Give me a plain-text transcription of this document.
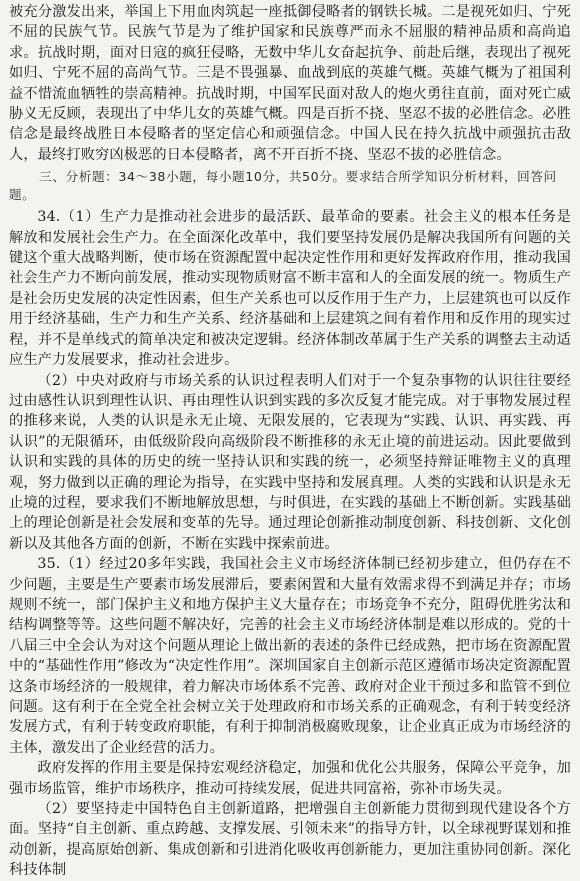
被充分激发出来，举国上下用血肉筑起一座抵御侵略者的钢铁长城。二是视死如归、宁死不屈的民族气节。民族气节是为了维护国家和民族尊严而永不屈服的精神品质和高尚追求。抗战时期，面对日寇的疯狂侵略，无数中华儿女奋起抗争、前赴后继，表现出了视死如归、宁死不屈的高尚气节。三是不畏强暴、血战到底的英雄气概。英雄气概为了祖国利益不惜流血牺牲的崇高精神。抗战时期，中国军民面对敌人的炮火勇往直前，面对死亡威胁义无反顾，表现出了中华儿女的英雄气概。四是百折不挠、坚忍不拔的必胜信念。必胜信念是最终战胜日本侵略者的坚定信心和顽强信念。中国人民在持久抗战中顽强抗击敌人，最终打败穷凶极恶的日本侵略者，离不开百折不挠、坚忍不拔的必胜信念。

三、分析题：34～38小题，每小题10分，共50分。要求结合所学知识分析材料，回答问题。

34.（1）生产力是推动社会进步的最活跃、最革命的要素。社会主义的根本任务是解放和发展社会生产力。在全面深化改革中，我们要坚持发展仍是解决我国所有问题的关键这个重大战略判断，使市场在资源配置中起决定性作用和更好发挥政府作用，推动我国社会生产力不断向前发展，推动实现物质财富不断丰富和人的全面发展的统一。物质生产是社会历史发展的决定性因素，但生产关系也可以反作用于生产力，上层建筑也可以反作用于经济基础，生产力和生产关系、经济基础和上层建筑之间有着作用和反作用的现实过程，并不是单线式的简单决定和被决定逻辑。经济体制改革属于生产关系的调整去主动适应生产力发展要求，推动社会进步。

（2）中央对政府与市场关系的认识过程表明人们对于一个复杂事物的认识往往要经过由感性认识到理性认识、再由理性认识到实践的多次反复才能完成。对于事物发展过程的推移来说，人类的认识是永无止境、无限发展的，它表现为“实践、认识、再实践、再认识”的无限循环，由低级阶段向高级阶段不断推移的永无止境的前进运动。因此要做到认识和实践的具体的历史的统一坚持认识和实践的统一，必须坚持辩证唯物主义的真理观，努力做到以正确的理论为指导，在实践中坚持和发展真理。人类的实践和认识是永无止境的过程，要求我们不断地解放思想，与时俱进，在实践的基础上不断创新。实践基础上的理论创新是社会发展和变革的先导。通过理论创新推动制度创新、科技创新、文化创新以及其他各方面的创新，不断在实践中探索前进。

35.（1）经过20多年实践，我国社会主义市场经济体制已经初步建立，但仍存在不少问题，主要是生产要素市场发展滞后，要素闲置和大量有效需求得不到满足并存；市场规则不统一，部门保护主义和地方保护主义大量存在；市场竞争不充分，阻碍优胜劣汰和结构调整等等。这些问题不解决好，完善的社会主义市场经济体制是难以形成的。党的十八届三中全会认为对这个问题从理论上做出新的表述的条件已经成熟，把市场在资源配置中的“基础性作用”修改为“决定性作用”。深圳国家自主创新示范区遵循市场决定资源配置这条市场经济的一般规律，着力解决市场体系不完善、政府对企业干预过多和监管不到位问题。这有利于在全党全社会树立关于处理政府和市场关系的正确观念，有利于转变经济发展方式，有利于转变政府职能，有利于抑制消极腐败现象，让企业真正成为市场经济的主体，激发出了企业经营的活力。

政府发挥的作用主要是保持宏观经济稳定，加强和优化公共服务，保障公平竞争，加强市场监管，维护市场秩序，推动可持续发展，促进共同富裕，弥补市场失灵。

（2）要坚持走中国特色自主创新道路，把增强自主创新能力贯彻到现代建设各个方面。坚持“自主创新、重点跨越、支撑发展、引领未来”的指导方针，以全球视野谋划和推动创新，提高原始创新、集成创新和引进消化吸收再创新能力，更加注重协同创新。深化科技体制
